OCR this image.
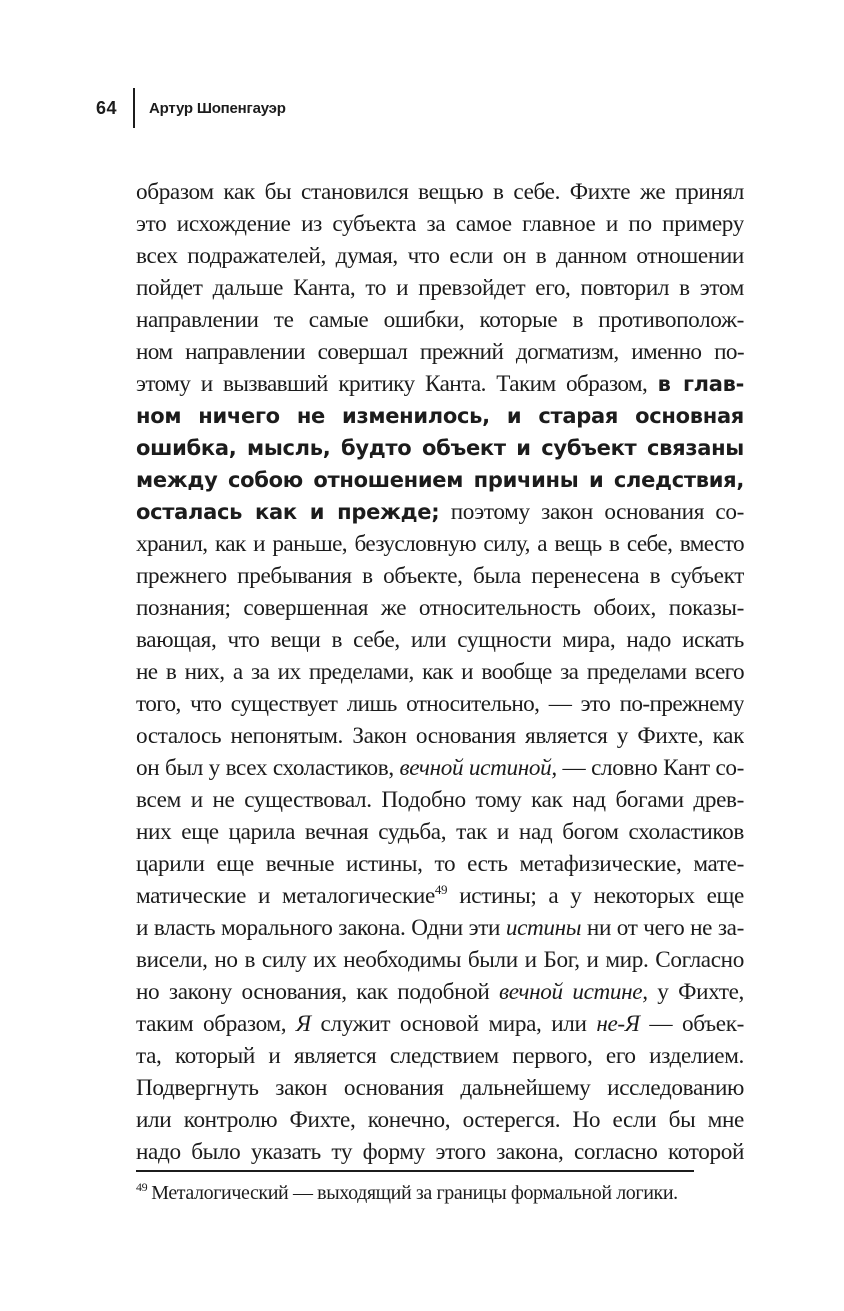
64 Артур Шопенгауэр
образом как бы становился вещью в себе. Фихте же принял
это исхождение из субъекта за самое главное и по примеру
всех подражателей, думая, что если он в данном отношении
пойдет дальше Канта, то и превзойдет его, повторил в этом
направлении те самые ошибки, которые в противополож-
ном направлении совершал прежний догматизм, именно по-
этому и вызвавший критику Канта. Таким образом, в глав-
ном ничего не изменилось, и старая основная
ошибка, мысль, будто объект и субъект связаны
между собою отношением причины и следствия,
осталась как и прежде; поэтому закон основания со-
хранил, как и раньше, безусловную силу, а вещь в себе, вместо
прежнего пребывания в объекте, была перенесена в субъект
познания; совершенная же относительность обоих, показы-
вающая, что вещи в себе, или сущности мира, надо искать
не в них, а за их пределами, как и вообще за пределами всего
того, что существует лишь относительно, — это по-прежнему
осталось непонятым. Закон основания является у Фихте, как
он был у всех схоластиков, вечной истиной, — словно Кант со-
всем и не существовал. Подобно тому как над богами древ-
них еще царила вечная судьба, так и над богом схоластиков
царили еще вечные истины, то есть метафизические, мате-
матические и металогические$^{49}$ истины; а у некоторых еще
и власть морального закона. Одни эти истины ни от чего не за-
висели, но в силу их необходимы были и Бог, и мир. Согласно
но закону основания, как подобной вечной истине, у Фихте,
таким образом, Я служит основой мира, или не-Я — объек-
та, который и является следствием первого, его изделием.
Подвергнуть закон основания дальнейшему исследованию
или контролю Фихте, конечно, остерегся. Но если бы мне
надо было указать ту форму этого закона, согласно которой
$^{49}$ Металогический — выходящий за границы формальной логики.
